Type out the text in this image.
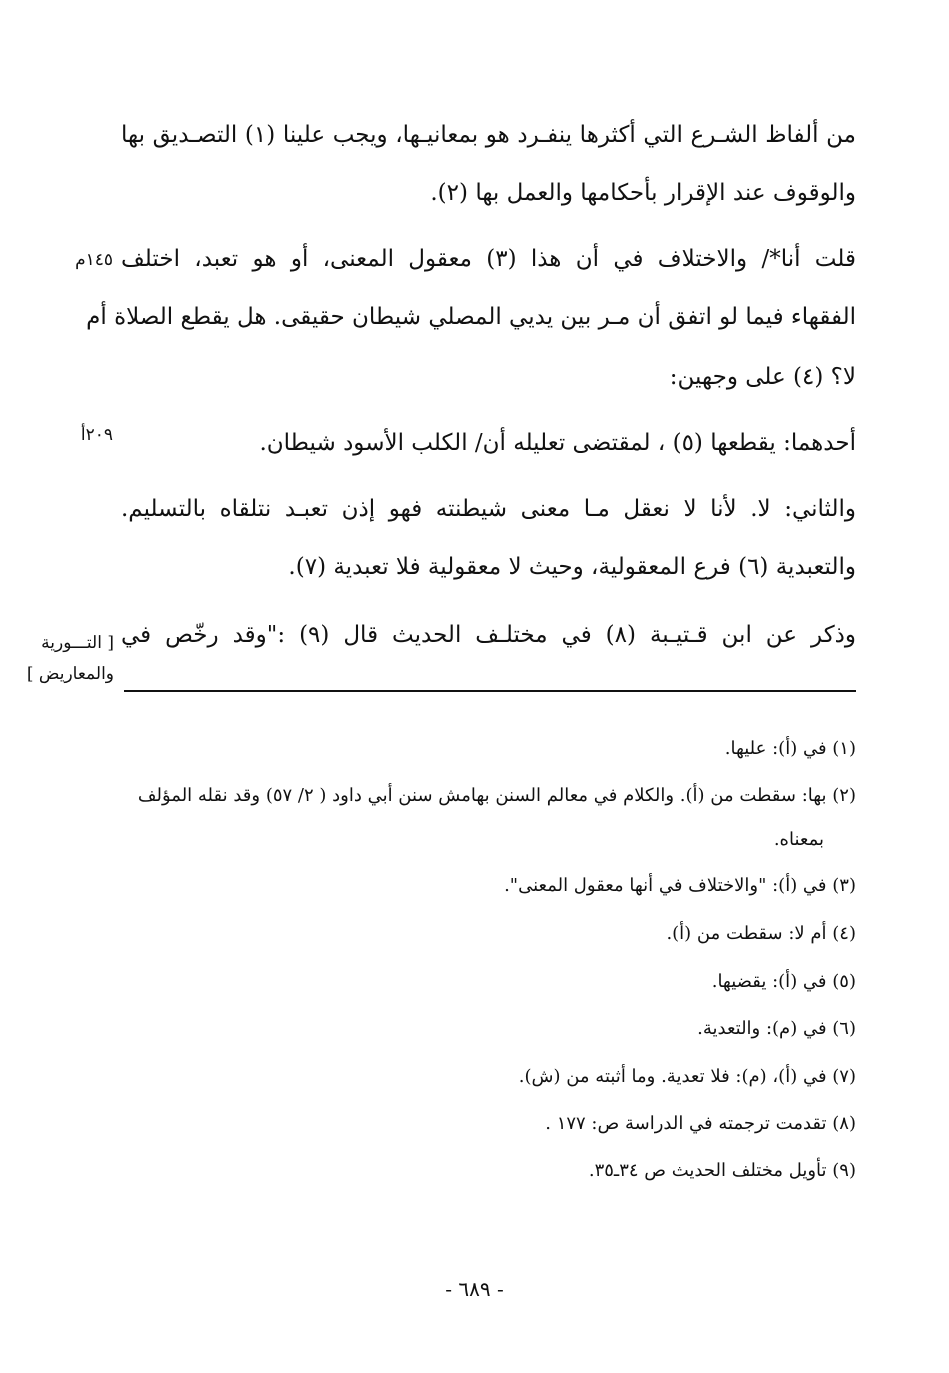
من ألفاظ الشـرع التي أكثرها ينفـرد هو بمعانيـها، ويجب علينا (١) التصـديق بها
والوقوف عند الإقرار بأحكامها والعمل بها (٢).
قلت أنا*/ والاختلاف في أن هذا (٣) معقول المعنى، أو هو تعبد، اختلف
الفقهاء فيما لو اتفق أن مـر بين يديي المصلي شيطان حقيقى. هل يقطع الصلاة أم
لا؟ (٤) على وجهين:
أحدهما: يقطعها (٥) ، لمقتضى تعليله أن/ الكلب الأسود شيطان.
والثاني: لا. لأنا لا نعقل مـا معنى شيطنته فهو إذن تعبـد نتلقاه بالتسليم.
والتعبدية (٦) فرع المعقولية، وحيث لا معقولية فلا تعبدية (٧).
وذكر عن ابن قـتيـبة (٨) في مختلـف الحديث قال (٩) :"وقد رخّص في
١٤٥م
٢٠٩أ
[ التـــورية
والمعاريض ]
(١) في (أ): عليها.
(٢) بها: سقطت من (أ). والكلام في معالم السنن بهامش سنن أبي داود ( ٢/ ٥٧) وقد نقله المؤلف
بمعناه.
(٣) في (أ): "والاختلاف في أنها معقول المعنى".
(٤) أم لا: سقطت من (أ).
(٥) في (أ): يقضيها.
(٦) في (م): والتعدية.
(٧) في (أ)، (م): فلا تعدية. وما أثبته من (ش).
(٨) تقدمت ترجمته في الدراسة ص: ١٧٧ .
(٩) تأويل مختلف الحديث ص ٣٤ـ٣٥.
- ٦٨٩ -
